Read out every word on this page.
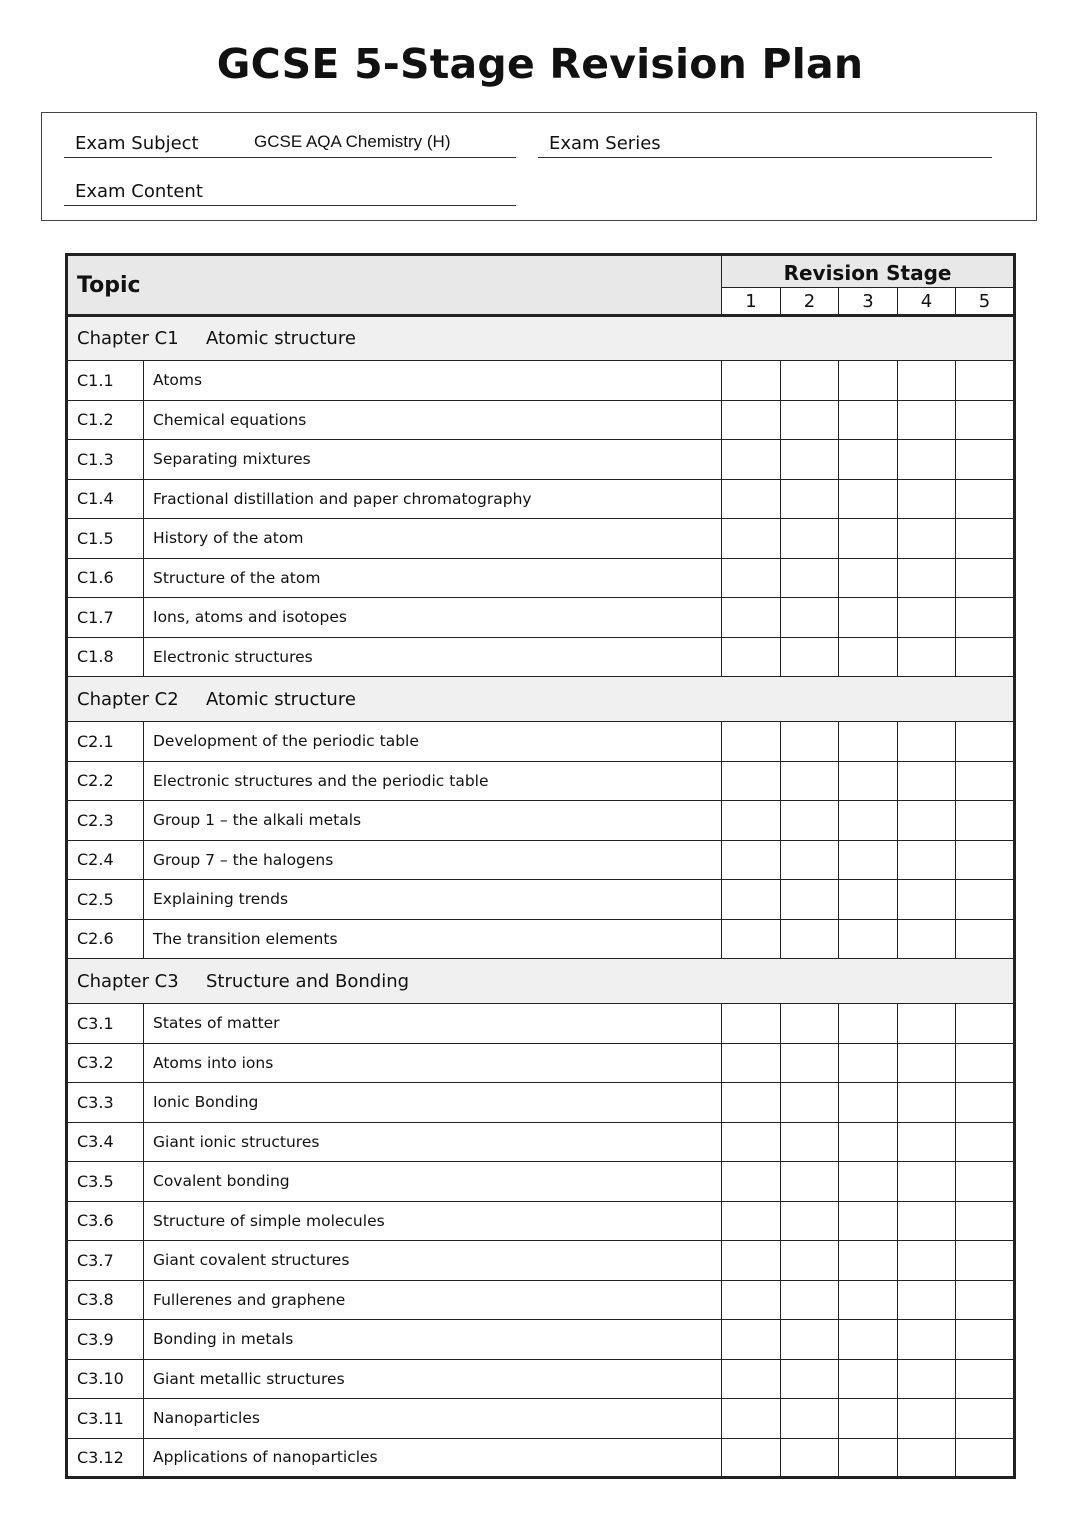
GCSE 5-Stage Revision Plan
Exam Subject	GCSE AQA Chemistry (H)	Exam Series
Exam Content
Topic		Revision Stage				
		1	2	3	4	5
Chapter C1 Atomic structure						
C1.1	Atoms					
C1.2	Chemical equations					
C1.3	Separating mixtures					
C1.4	Fractional distillation and paper chromatography					
C1.5	History of the atom					
C1.6	Structure of the atom					
C1.7	Ions, atoms and isotopes					
C1.8	Electronic structures					
Chapter C2 Atomic structure						
C2.1	Development of the periodic table					
C2.2	Electronic structures and the periodic table					
C2.3	Group 1 – the alkali metals					
C2.4	Group 7 – the halogens					
C2.5	Explaining trends					
C2.6	The transition elements					
Chapter C3 Structure and Bonding						
C3.1	States of matter					
C3.2	Atoms into ions					
C3.3	Ionic Bonding					
C3.4	Giant ionic structures					
C3.5	Covalent bonding					
C3.6	Structure of simple molecules					
C3.7	Giant covalent structures					
C3.8	Fullerenes and graphene					
C3.9	Bonding in metals					
C3.10	Giant metallic structures					
C3.11	Nanoparticles					
C3.12	Applications of nanoparticles					
